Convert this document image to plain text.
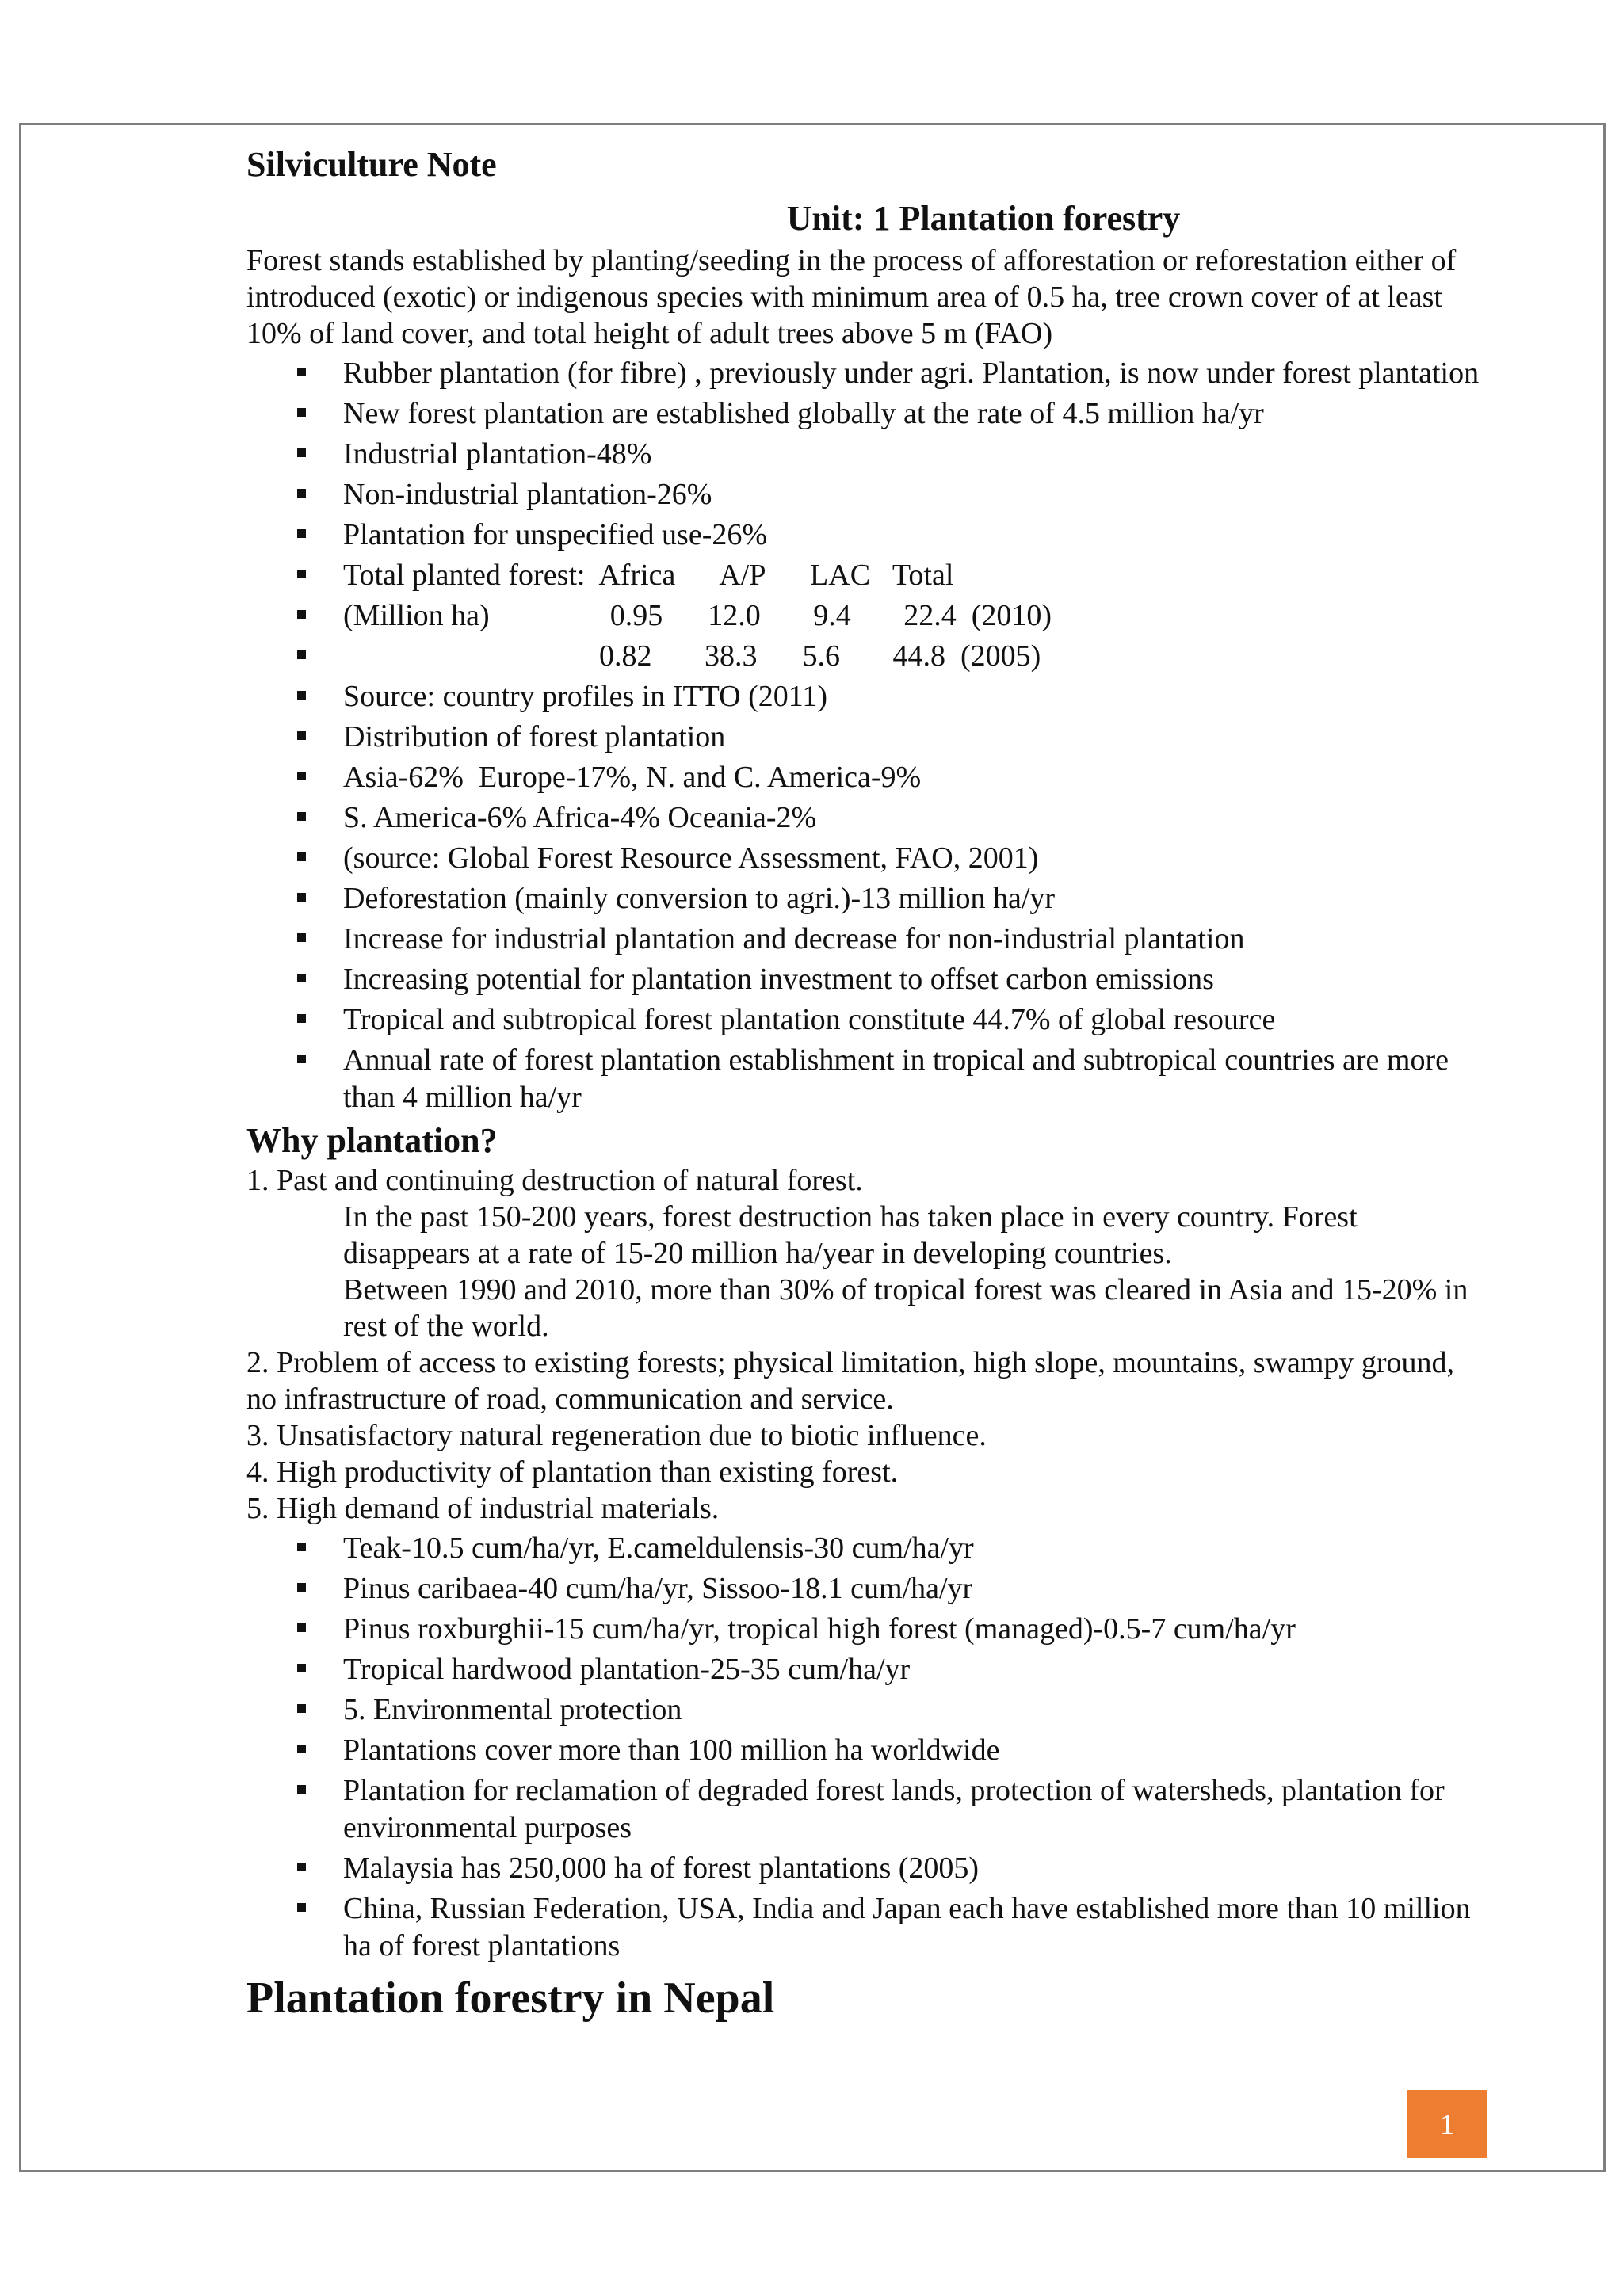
Silviculture Note
Unit: 1 Plantation forestry

Forest stands established by planting/seeding in the process of afforestation or reforestation either of introduced (exotic) or indigenous species with minimum area of 0.5 ha, tree crown cover of at least 10% of land cover, and total height of adult trees above 5 m (FAO)

Rubber plantation (for fibre) , previously under agri. Plantation, is now under forest plantation
New forest plantation are established globally at the rate of 4.5 million ha/yr
Industrial plantation-48%
Non-industrial plantation-26%
Plantation for unspecified use-26%
Total planted forest:  Africa      A/P      LAC   Total
(Million ha)                0.95      12.0       9.4       22.4  (2010)
0.82       38.3      5.6       44.8  (2005)
Source: country profiles in ITTO (2011)
Distribution of forest plantation
Asia-62%  Europe-17%, N. and C. America-9%
S. America-6% Africa-4% Oceania-2%
(source: Global Forest Resource Assessment, FAO, 2001)
Deforestation (mainly conversion to agri.)-13 million ha/yr
Increase for industrial plantation and decrease for non-industrial plantation
Increasing potential for plantation investment to offset carbon emissions
Tropical and subtropical forest plantation constitute 44.7% of global resource
Annual rate of forest plantation establishment in tropical and subtropical countries are more than 4 million ha/yr
Why plantation?

1. Past and continuing destruction of natural forest.

In the past 150-200 years, forest destruction has taken place in every country. Forest disappears at a rate of 15-20 million ha/year in developing countries.

Between 1990 and 2010, more than 30% of tropical forest was cleared in Asia and 15-20% in rest of the world.

2. Problem of access to existing forests; physical limitation, high slope, mountains, swampy ground, no infrastructure of road, communication and service.

3. Unsatisfactory natural regeneration due to biotic influence.

4. High productivity of plantation than existing forest.

5. High demand of industrial materials.

Teak-10.5 cum/ha/yr, E.cameldulensis-30 cum/ha/yr
Pinus caribaea-40 cum/ha/yr, Sissoo-18.1 cum/ha/yr
Pinus roxburghii-15 cum/ha/yr, tropical high forest (managed)-0.5-7 cum/ha/yr
Tropical hardwood plantation-25-35 cum/ha/yr
5. Environmental protection
Plantations cover more than 100 million ha worldwide
Plantation for reclamation of degraded forest lands, protection of watersheds, plantation for environmental purposes
Malaysia has 250,000 ha of forest plantations (2005)
China, Russian Federation, USA, India and Japan each have established more than 10 million ha of forest plantations
Plantation forestry in Nepal
1
